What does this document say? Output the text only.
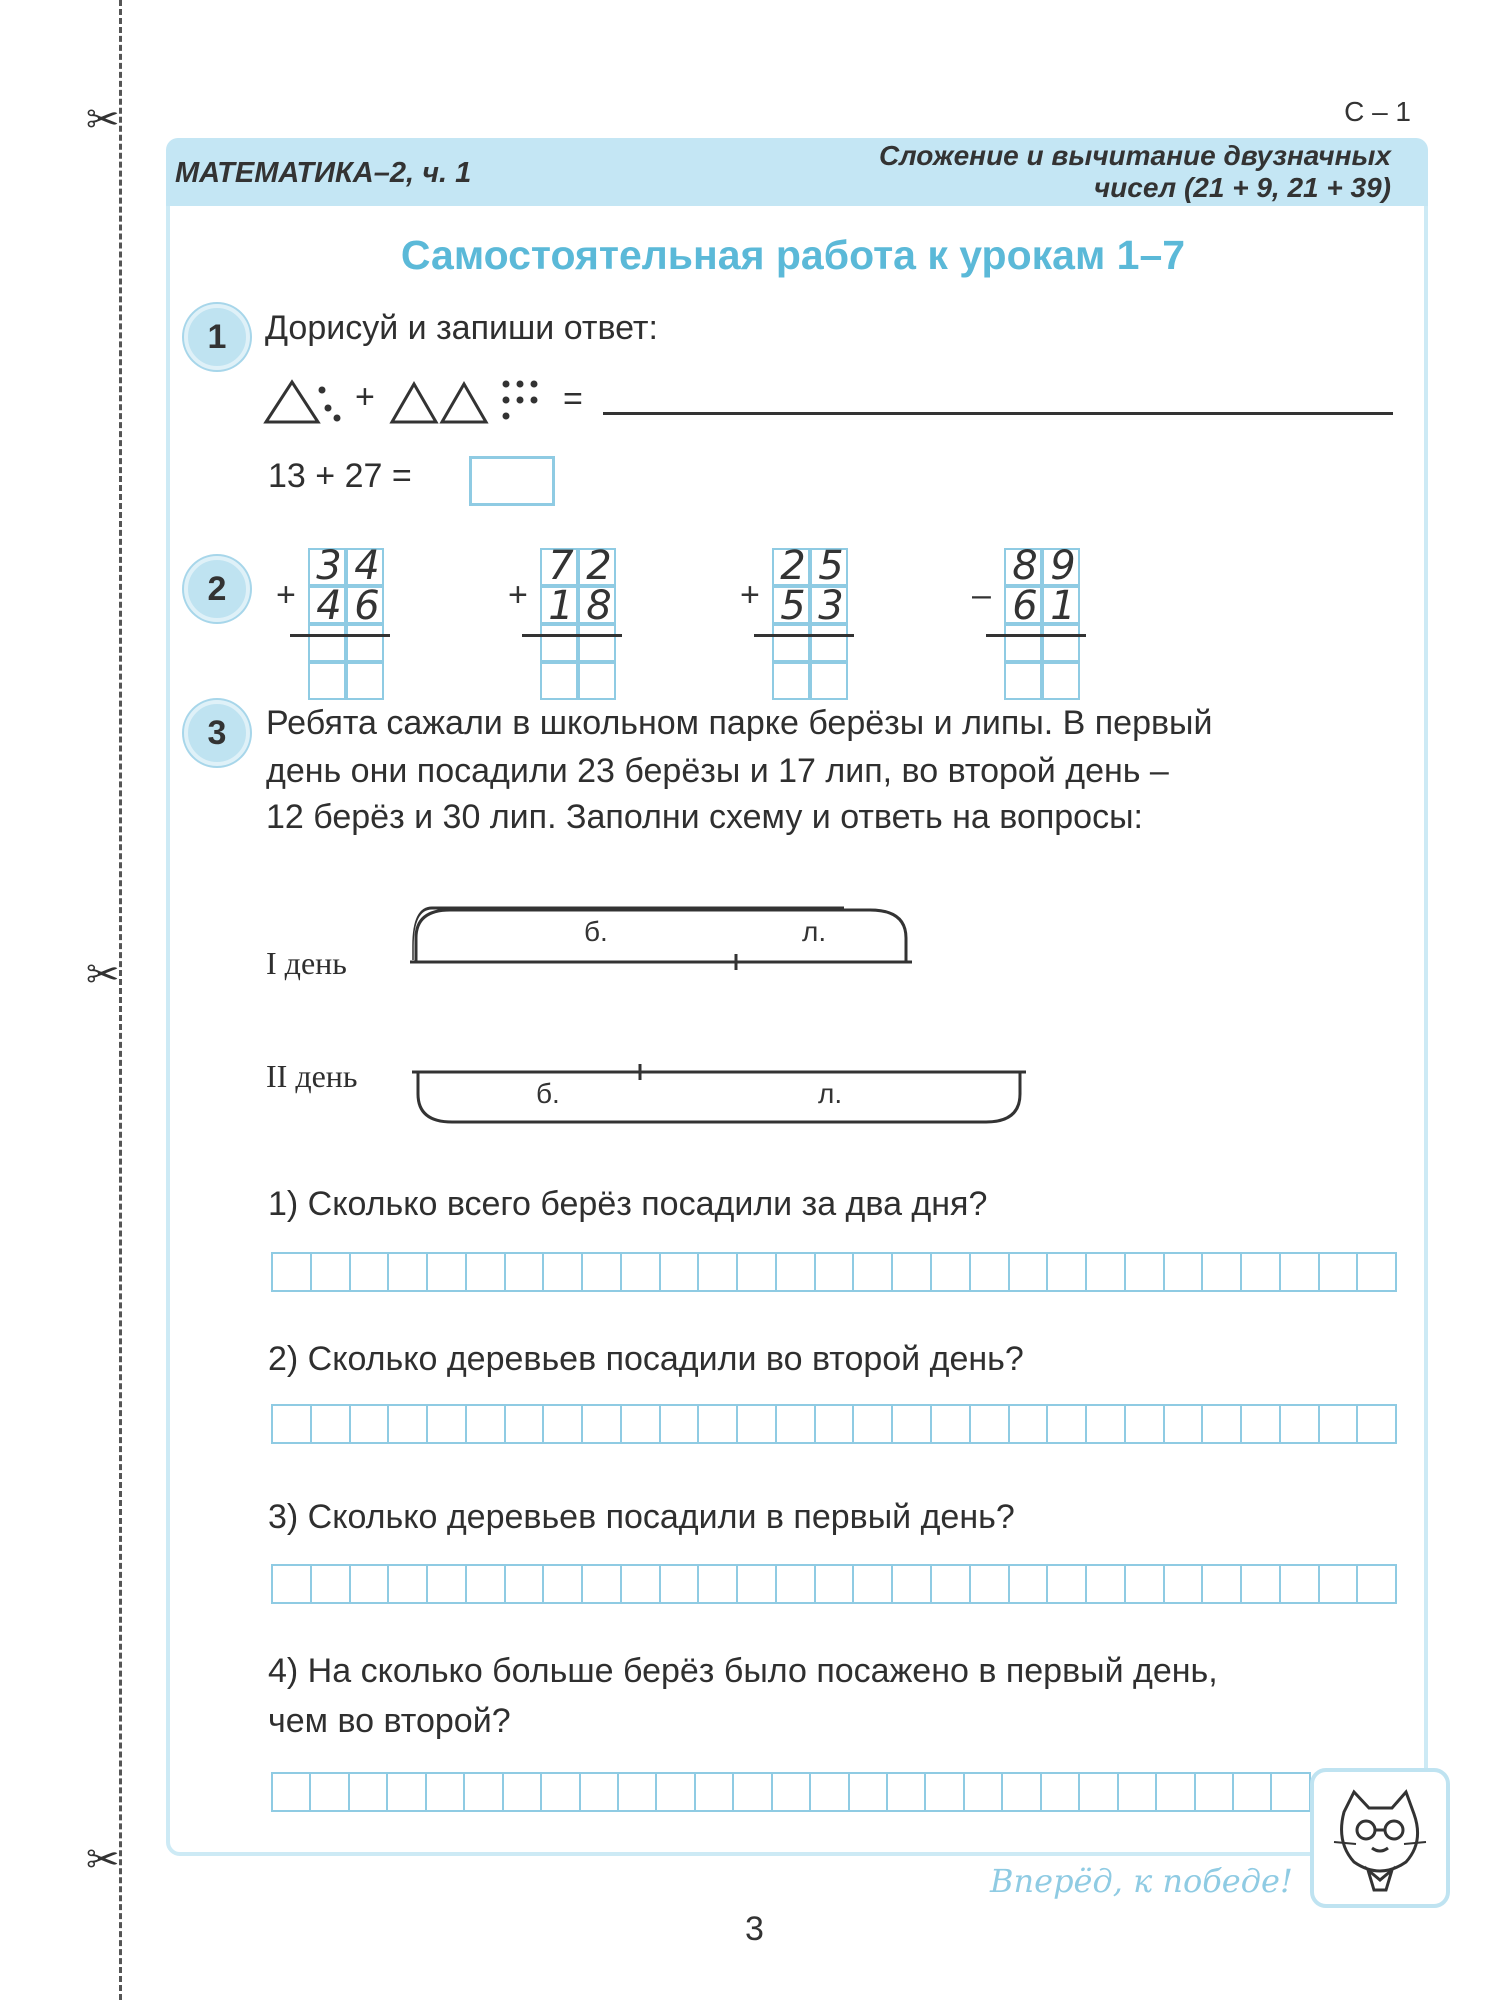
✂
✂
✂
С – 1
МАТЕМАТИКА–2, ч. 1
Сложение и вычитание двузначных
чисел (21 + 9, 21 + 39)
Самостоятельная работа к урокам 1–7
1	Дорисуй и запиши ответ:
+	=
13 + 27 =
2	+
3 4
4 6	+
7 2
1 8	+
2 5
5 3	–
8 9
6 1
3	Ребята сажали в школьном парке берёзы и липы. В первый
день они посадили 23 берёзы и 17 лип, во второй день –
12 берёз и 30 лип. Заполни схему и ответь на вопросы:
I день
б.	л.
II день	б.	л.
1) Сколько всего берёз посадили за два дня?
2) Сколько деревьев посадили во второй день?
3) Сколько деревьев посадили в первый день?
4) На сколько больше берёз было посажено в первый день,
чем во второй?
Вперёд, к победе!
3
